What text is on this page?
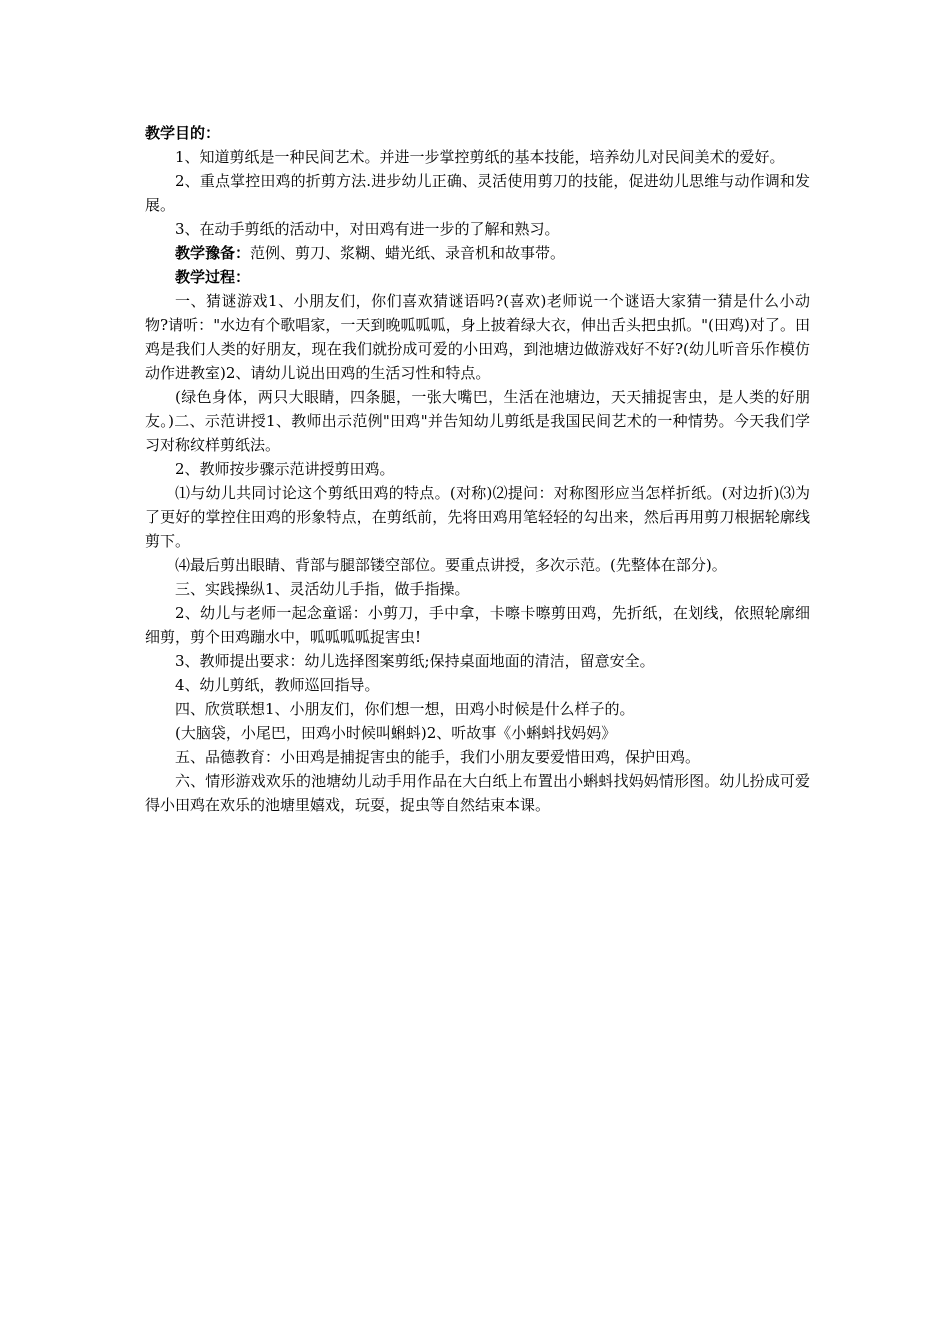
教学目的：

1、知道剪纸是一种民间艺术。并进一步掌控剪纸的基本技能，培养幼儿对民间美术的爱好。

2、重点掌控田鸡的折剪方法.进步幼儿正确、灵活使用剪刀的技能，促进幼儿思维与动作调和发展。

3、在动手剪纸的活动中，对田鸡有进一步的了解和熟习。

教学豫备：范例、剪刀、浆糊、蜡光纸、录音机和故事带。

教学过程：

一、猜谜游戏1、小朋友们，你们喜欢猜谜语吗?(喜欢)老师说一个谜语大家猜一猜是什么小动物?请听："水边有个歌唱家，一天到晚呱呱呱，身上披着绿大衣，伸出舌头把虫抓。"(田鸡)对了。田鸡是我们人类的好朋友，现在我们就扮成可爱的小田鸡，到池塘边做游戏好不好?(幼儿听音乐作模仿动作进教室)2、请幼儿说出田鸡的生活习性和特点。

(绿色身体，两只大眼睛，四条腿，一张大嘴巴，生活在池塘边，天天捕捉害虫，是人类的好朋友。)二、示范讲授1、教师出示范例"田鸡"并告知幼儿剪纸是我国民间艺术的一种情势。今天我们学习对称纹样剪纸法。

2、教师按步骤示范讲授剪田鸡。

⑴与幼儿共同讨论这个剪纸田鸡的特点。(对称)⑵提问：对称图形应当怎样折纸。(对边折)⑶为了更好的掌控住田鸡的形象特点，在剪纸前，先将田鸡用笔轻轻的勾出来，然后再用剪刀根据轮廓线剪下。

⑷最后剪出眼睛、背部与腿部镂空部位。要重点讲授，多次示范。(先整体在部分)。

三、实践操纵1、灵活幼儿手指，做手指操。

2、幼儿与老师一起念童谣：小剪刀，手中拿，卡嚓卡嚓剪田鸡，先折纸，在划线，依照轮廓细细剪，剪个田鸡蹦水中，呱呱呱呱捉害虫!

3、教师提出要求：幼儿选择图案剪纸;保持桌面地面的清洁，留意安全。

4、幼儿剪纸，教师巡回指导。

四、欣赏联想1、小朋友们，你们想一想，田鸡小时候是什么样子的。

(大脑袋，小尾巴，田鸡小时候叫蝌蚪)2、听故事《小蝌蚪找妈妈》

五、品德教育：小田鸡是捕捉害虫的能手，我们小朋友要爱惜田鸡，保护田鸡。

六、情形游戏欢乐的池塘幼儿动手用作品在大白纸上布置出小蝌蚪找妈妈情形图。幼儿扮成可爱得小田鸡在欢乐的池塘里嬉戏，玩耍，捉虫等自然结束本课。
